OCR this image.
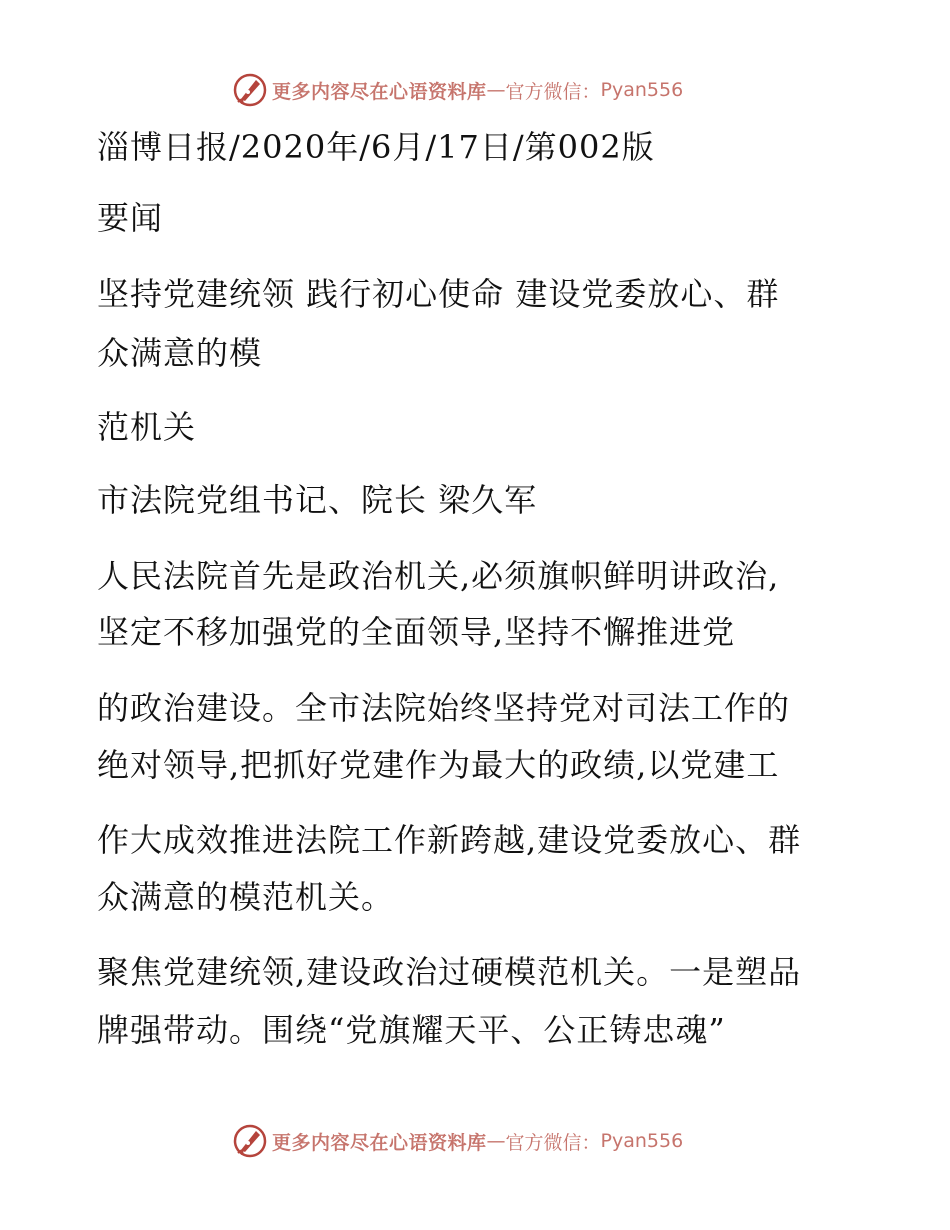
更多内容尽在心语资料库 — 官方微信： Pyan556
淄博日报/2020年/6月/17日/第002版
要闻
坚持党建统领 践行初心使命 建设党委放心、群
众满意的模
范机关
市法院党组书记、院长 梁久军
人民法院首先是政治机关,必须旗帜鲜明讲政治,
坚定不移加强党的全面领导,坚持不懈推进党
的政治建设。全市法院始终坚持党对司法工作的
绝对领导,把抓好党建作为最大的政绩,以党建工
作大成效推进法院工作新跨越,建设党委放心、群
众满意的模范机关。
聚焦党建统领,建设政治过硬模范机关。一是塑品
牌强带动。围绕“党旗耀天平、公正铸忠魂”
更多内容尽在心语资料库 — 官方微信： Pyan556
